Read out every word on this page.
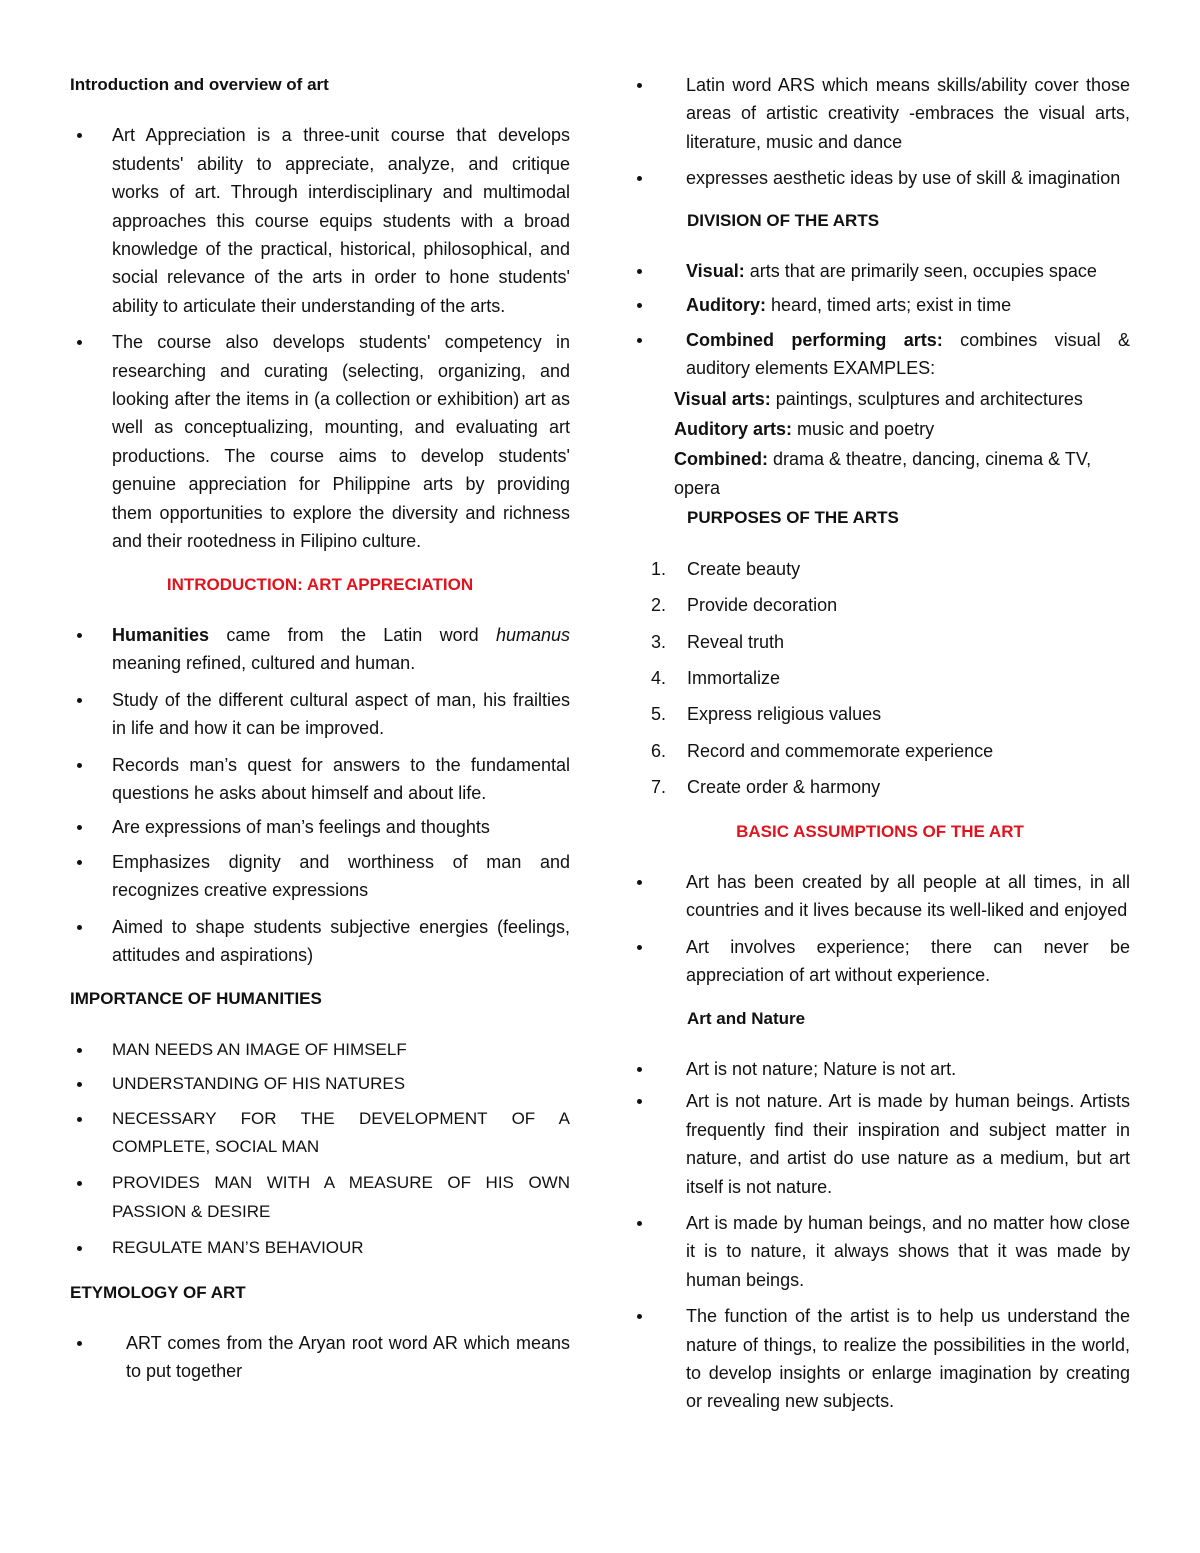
Introduction and overview of art

Art Appreciation is a three-unit course that develops students' ability to appreciate, analyze, and critique works of art. Through interdisciplinary and multimodal approaches this course equips students with a broad knowledge of the practical, historical, philosophical, and social relevance of the arts in order to hone students' ability to articulate their understanding of the arts.
The course also develops students' competency in researching and curating (selecting, organizing, and looking after the items in (a collection or exhibition) art as well as conceptualizing, mounting, and evaluating art productions. The course aims to develop students' genuine appreciation for Philippine arts by providing them opportunities to explore the diversity and richness and their rootedness in Filipino culture.

INTRODUCTION: ART APPRECIATION

Humanities came from the Latin word humanus meaning refined, cultured and human.
Study of the different cultural aspect of man, his frailties in life and how it can be improved.
Records man’s quest for answers to the fundamental questions he asks about himself and about life.
Are expressions of man’s feelings and thoughts
Emphasizes dignity and worthiness of man and recognizes creative expressions
Aimed to shape students subjective energies (feelings, attitudes and aspirations)

IMPORTANCE OF HUMANITIES

MAN NEEDS AN IMAGE OF HIMSELF
UNDERSTANDING OF HIS NATURES
NECESSARY FOR THE DEVELOPMENT OF A COMPLETE, SOCIAL MAN
PROVIDES MAN WITH A MEASURE OF HIS OWN PASSION & DESIRE
REGULATE MAN’S BEHAVIOUR

ETYMOLOGY OF ART

ART comes from the Aryan root word AR which means to put together
Latin word ARS which means skills/ability cover those areas of artistic creativity -embraces the visual arts, literature, music and dance
expresses aesthetic ideas by use of skill & imagination

DIVISION OF THE ARTS

Visual: arts that are primarily seen, occupies space
Auditory: heard, timed arts; exist in time
Combined performing arts: combines visual & auditory elements EXAMPLES:

Visual arts: paintings, sculptures and architectures

Auditory arts: music and poetry

Combined: drama & theatre, dancing, cinema & TV, opera

PURPOSES OF THE ARTS

1. Create beauty
2. Provide decoration
3. Reveal truth
4. Immortalize
5. Express religious values
6. Record and commemorate experience
7. Create order & harmony

BASIC ASSUMPTIONS OF THE ART

Art has been created by all people at all times, in all countries and it lives because its well-liked and enjoyed
Art involves experience; there can never be appreciation of art without experience.

Art and Nature

Art is not nature; Nature is not art.
Art is not nature. Art is made by human beings. Artists frequently find their inspiration and subject matter in nature, and artist do use nature as a medium, but art itself is not nature.
Art is made by human beings, and no matter how close it is to nature, it always shows that it was made by human beings.
The function of the artist is to help us understand the nature of things, to realize the possibilities in the world, to develop insights or enlarge imagination by creating or revealing new subjects.
